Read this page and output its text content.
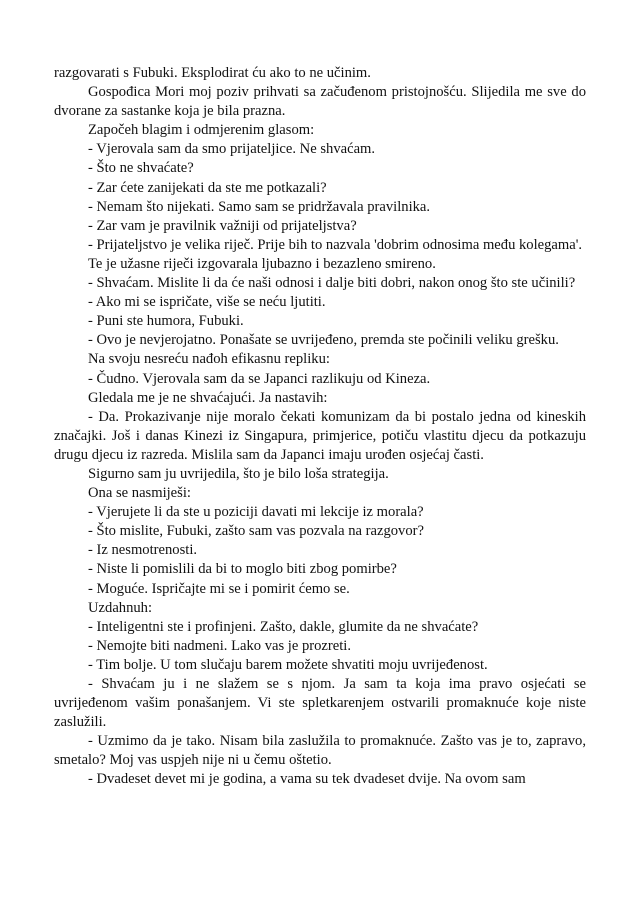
razgovarati s Fubuki. Eksplodirat ću ako to ne učinim.

Gospođica Mori moj poziv prihvati sa začuđenom pristojnošću. Slijedila me sve do dvorane za sastanke koja je bila prazna.

Započeh blagim i odmjerenim glasom:

- Vjerovala sam da smo prijateljice. Ne shvaćam.

- Što ne shvaćate?

- Zar ćete zanijekati da ste me potkazali?

- Nemam što nijekati. Samo sam se pridržavala pravilnika.

- Zar vam je pravilnik važniji od prijateljstva?

- Prijateljstvo je velika riječ. Prije bih to nazvala 'dobrim odnosima među kolegama'.

Te je užasne riječi izgovarala ljubazno i bezazleno smireno.

- Shvaćam. Mislite li da će naši odnosi i dalje biti dobri, nakon onog što ste učinili?

- Ako mi se ispričate, više se neću ljutiti.

- Puni ste humora, Fubuki.

- Ovo je nevjerojatno. Ponašate se uvrijeđeno, premda ste počinili veliku grešku.

Na svoju nesreću nađoh efikasnu repliku:

- Čudno. Vjerovala sam da se Japanci razlikuju od Kineza.

Gledala me je ne shvaćajući. Ja nastavih:

- Da. Prokazivanje nije moralo čekati komunizam da bi postalo jedna od kineskih značajki. Još i danas Kinezi iz Singapura, primjerice, potiču vlastitu djecu da potkazuju drugu djecu iz razreda. Mislila sam da Japanci imaju urođen osjećaj časti.

Sigurno sam ju uvrijedila, što je bilo loša strategija.

Ona se nasmiješi:

- Vjerujete li da ste u poziciji davati mi lekcije iz morala?

- Što mislite, Fubuki, zašto sam vas pozvala na razgovor?

- Iz nesmotrenosti.

- Niste li pomislili da bi to moglo biti zbog pomirbe?

- Moguće. Ispričajte mi se i pomirit ćemo se.

Uzdahnuh:

- Inteligentni ste i profinjeni. Zašto, dakle, glumite da ne shvaćate?

- Nemojte biti nadmeni. Lako vas je prozreti.

- Tim bolje. U tom slučaju barem možete shvatiti moju uvrijeđenost.

- Shvaćam ju i ne slažem se s njom. Ja sam ta koja ima pravo osjećati se uvrijeđenom vašim ponašanjem. Vi ste spletkarenjem ostvarili promaknuće koje niste zaslužili.

- Uzmimo da je tako. Nisam bila zaslužila to promaknuće. Zašto vas je to, zapravo, smetalo? Moj vas uspjeh nije ni u čemu oštetio.

- Dvadeset devet mi je godina, a vama su tek dvadeset dvije. Na ovom sam
